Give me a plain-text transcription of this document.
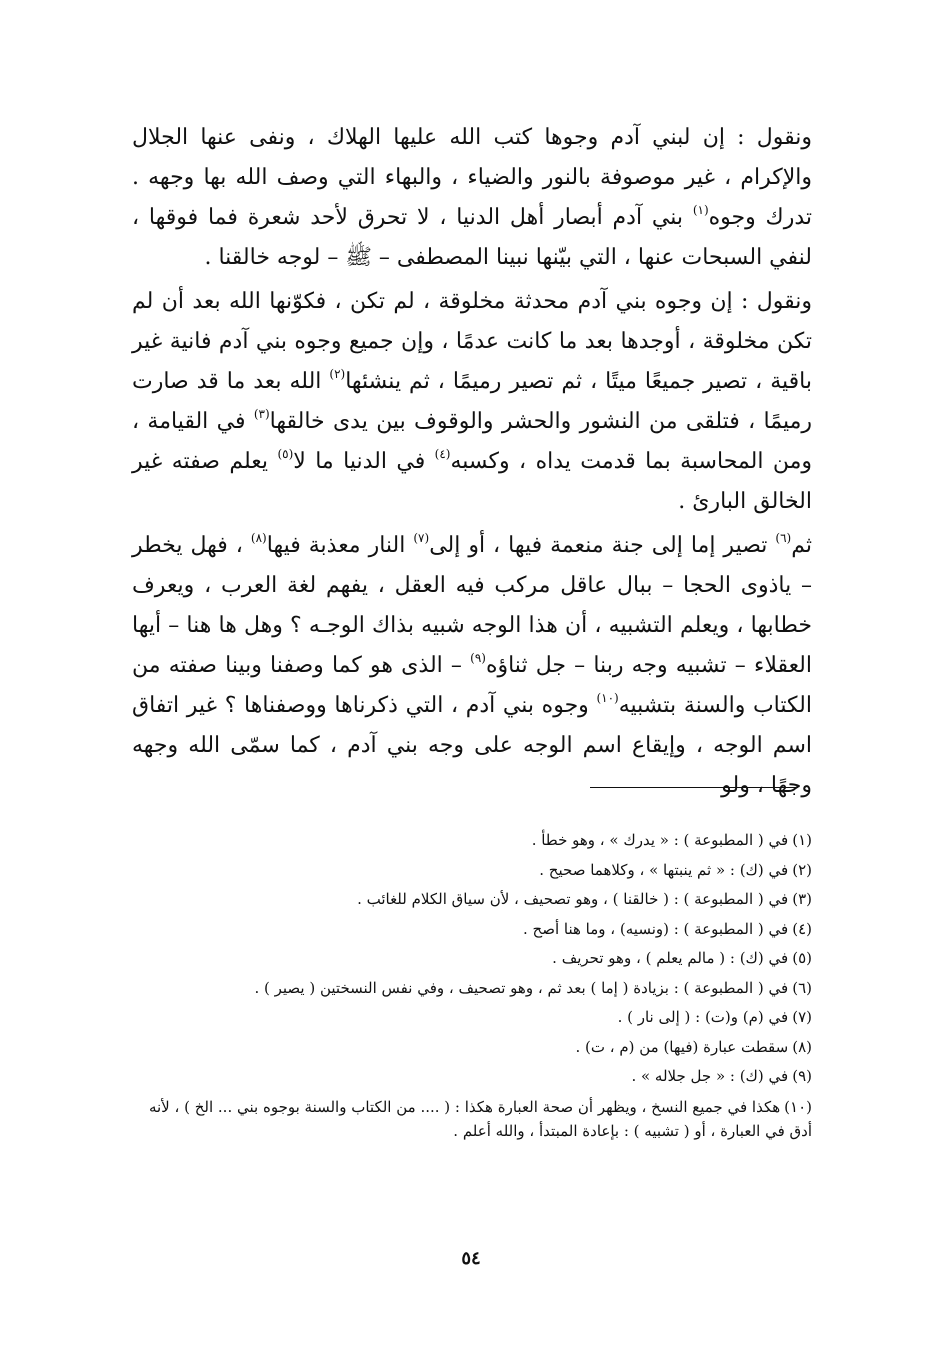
ونقول : إن لبني آدم وجوها كتب الله عليها الهلاك ، ونفى عنها الجلال والإكرام ، غير موصوفة بالنور والضياء ، والبهاء التي وصف الله بها وجهه . تدرك وجوه$^{(١)}$ بني آدم أبصار أهل الدنيا ، لا تحرق لأحد شعرة فما فوقها ، لنفي السبحات عنها ، التي بيّنها نبينا المصطفى – ﷺ – لوجه خالقنا .

ونقول : إن وجوه بني آدم محدثة مخلوقة ، لم تكن ، فكوّنها الله بعد أن لم تكن مخلوقة ، أوجدها بعد ما كانت عدمًا ، وإن جميع وجوه بني آدم فانية غير باقية ، تصير جميعًا ميتًا ، ثم تصير رميمًا ، ثم ينشئها$^{(٢)}$ الله بعد ما قد صارت رميمًا ، فتلقى من النشور والحشر والوقوف بين يدى خالقها$^{(٣)}$ في القيامة ، ومن المحاسبة بما قدمت يداه ، وكسبه$^{(٤)}$ في الدنيا ما لا$^{(٥)}$ يعلم صفته غير الخالق البارئ .

ثم$^{(٦)}$ تصير إما إلى جنة منعمة فيها ، أو إلى$^{(٧)}$ النار معذبة فيها$^{(٨)}$ ، فهل يخطر – ياذوى الحجا – ببال عاقل مركب فيه العقل ، يفهم لغة العرب ، ويعرف خطابها ، ويعلم التشبيه ، أن هذا الوجه شبيه بذاك الوجـه ؟ وهل ها هنا – أيها العقلاء – تشبيه وجه ربنا – جل ثناؤه$^{(٩)}$ – الذى هو كما وصفنا وبينا صفته من الكتاب والسنة بتشبيه$^{(١٠)}$ وجوه بني آدم ، التي ذكرناها ووصفناها ؟ غير اتفاق اسم الوجه ، وإيقاع اسم الوجه على وجه بني آدم ، كما سمّى الله وجهه وجهًا ، ولو

(١)في ( المطبوعة ) : « يدرك » ، وهو خطأ .
(٢)في (ك) : « ثم ينبتها » ، وكلاهما صحيح .
(٣)في ( المطبوعة ) : ( خالقنا ) ، وهو تصحيف ، لأن سياق الكلام للغائب .
(٤)في ( المطبوعة ) : (ونسيه) ، وما هنا أصح .
(٥)في (ك) : ( مالم يعلم ) ، وهو تحريف .
(٦)في ( المطبوعة ) : بزيادة ( إما ) بعد ثم ، وهو تصحيف ، وفي نفس النسختين ( يصير ) .
(٧)في (م) و(ت) : ( إلى نار ) .
(٨)سقطت عبارة (فيها) من (م ، ت) .
(٩)في (ك) : « جل جلاله » .
(١٠)هكذا في جميع النسخ ، ويظهر أن صحة العبارة هكذا : ( .... من الكتاب والسنة بوجوه بني ... الخ ) ، لأنه أدق في العبارة ، أو ( تشبيه ) : بإعادة المبتدأ ، والله أعلم .
٥٤
